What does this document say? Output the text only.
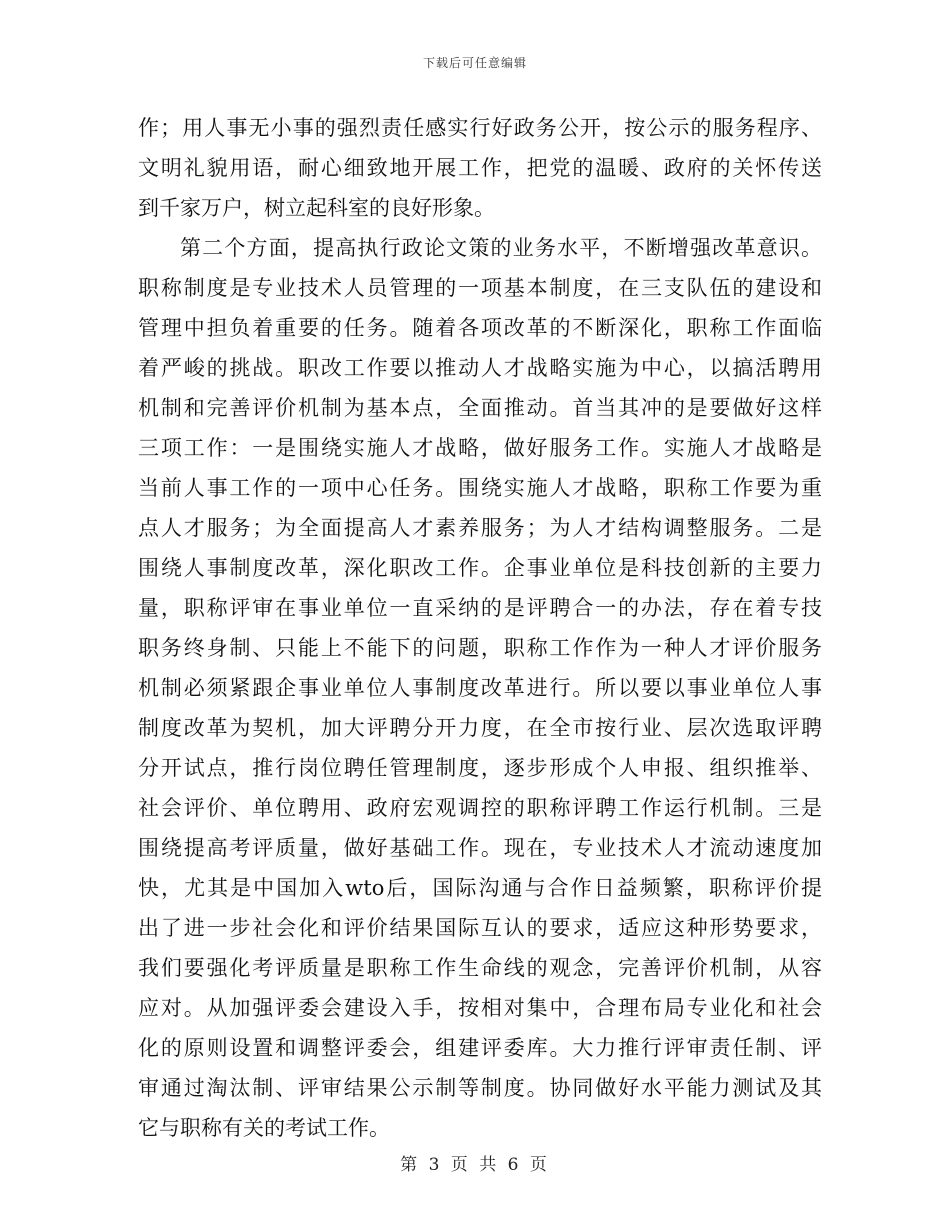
下载后可任意编辑
作；用人事无小事的强烈责任感实行好政务公开，按公示的服务程序、
文明礼貌用语，耐心细致地开展工作，把党的温暖、政府的关怀传送
到千家万户，树立起科室的良好形象。
第二个方面，提高执行政论文策的业务水平，不断增强改革意识。
职称制度是专业技术人员管理的一项基本制度，在三支队伍的建设和
管理中担负着重要的任务。随着各项改革的不断深化，职称工作面临
着严峻的挑战。职改工作要以推动人才战略实施为中心，以搞活聘用
机制和完善评价机制为基本点，全面推动。首当其冲的是要做好这样
三项工作：一是围绕实施人才战略，做好服务工作。实施人才战略是
当前人事工作的一项中心任务。围绕实施人才战略，职称工作要为重
点人才服务；为全面提高人才素养服务；为人才结构调整服务。二是
围绕人事制度改革，深化职改工作。企事业单位是科技创新的主要力
量，职称评审在事业单位一直采纳的是评聘合一的办法，存在着专技
职务终身制、只能上不能下的问题，职称工作作为一种人才评价服务
机制必须紧跟企事业单位人事制度改革进行。所以要以事业单位人事
制度改革为契机，加大评聘分开力度，在全市按行业、层次选取评聘
分开试点，推行岗位聘任管理制度，逐步形成个人申报、组织推举、
社会评价、单位聘用、政府宏观调控的职称评聘工作运行机制。三是
围绕提高考评质量，做好基础工作。现在，专业技术人才流动速度加
快，尤其是中国加入wto后，国际沟通与合作日益频繁，职称评价提
出了进一步社会化和评价结果国际互认的要求，适应这种形势要求，
我们要强化考评质量是职称工作生命线的观念，完善评价机制，从容
应对。从加强评委会建设入手，按相对集中，合理布局专业化和社会
化的原则设置和调整评委会，组建评委库。大力推行评审责任制、评
审通过淘汰制、评审结果公示制等制度。协同做好水平能力测试及其
它与职称有关的考试工作。
第 3 页 共 6 页
